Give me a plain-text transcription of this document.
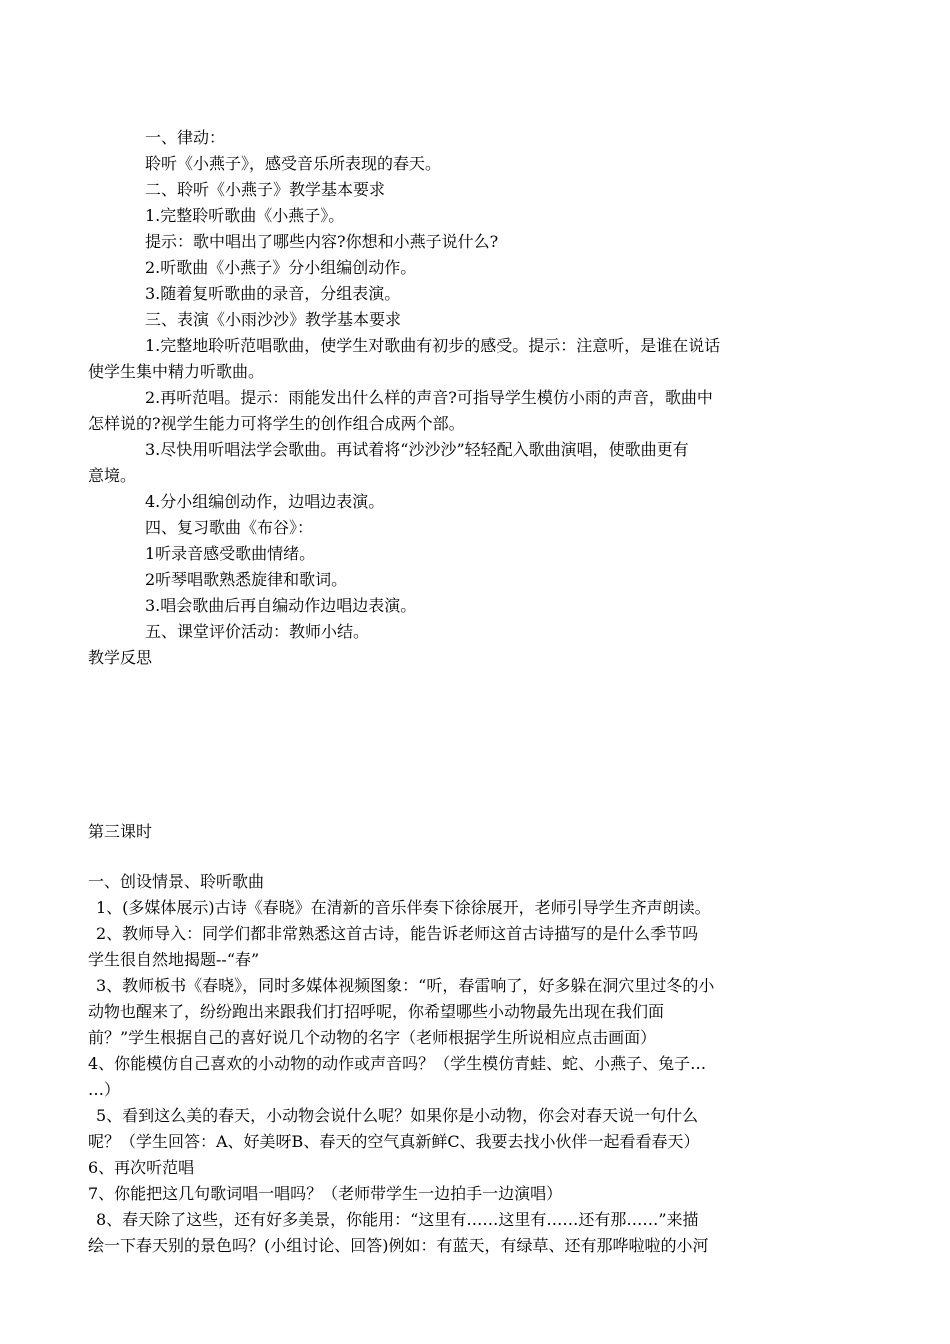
一、律动：
聆听《小燕子》，感受音乐所表现的春天。
二、聆听《小燕子》教学基本要求
1.完整聆听歌曲《小燕子》。
提示：歌中唱出了哪些内容?你想和小燕子说什么?
2.听歌曲《小燕子》分小组编创动作。
3.随着复听歌曲的录音，分组表演。
三、表演《小雨沙沙》教学基本要求
1.完整地聆听范唱歌曲，使学生对歌曲有初步的感受。提示：注意听，是谁在说话
使学生集中精力听歌曲。
2.再听范唱。提示：雨能发出什么样的声音?可指导学生模仿小雨的声音，歌曲中
怎样说的?视学生能力可将学生的创作组合成两个部。
3.尽快用听唱法学会歌曲。再试着将“沙沙沙”轻轻配入歌曲演唱，使歌曲更有
意境。
4.分小组编创动作，边唱边表演。
四、复习歌曲《布谷》：
1听录音感受歌曲情绪。
2听琴唱歌熟悉旋律和歌词。
3.唱会歌曲后再自编动作边唱边表演。
五、课堂评价活动：教师小结。
教学反思
第三课时
一、创设情景、聆听歌曲
1、(多媒体展示)古诗《春晓》在清新的音乐伴奏下徐徐展开，老师引导学生齐声朗读。
2、教师导入：同学们都非常熟悉这首古诗，能告诉老师这首古诗描写的是什么季节吗
学生很自然地揭题--“春”
3、教师板书《春晓》，同时多媒体视频图象：“听，春雷响了，好多躲在洞穴里过冬的小
动物也醒来了，纷纷跑出来跟我们打招呼呢，你希望哪些小动物最先出现在我们面
前？”学生根据自己的喜好说几个动物的名字（老师根据学生所说相应点击画面）
4、你能模仿自己喜欢的小动物的动作或声音吗？（学生模仿青蛙、蛇、小燕子、兔子…
…）
5、看到这么美的春天，小动物会说什么呢？如果你是小动物，你会对春天说一句什么
呢？（学生回答：A、好美呀B、春天的空气真新鲜C、我要去找小伙伴一起看看春天）
6、再次听范唱
7、你能把这几句歌词唱一唱吗？（老师带学生一边拍手一边演唱）
8、春天除了这些，还有好多美景，你能用：“这里有……这里有……还有那……”来描
绘一下春天别的景色吗？(小组讨论、回答)例如：有蓝天，有绿草、还有那哗啦啦的小河
